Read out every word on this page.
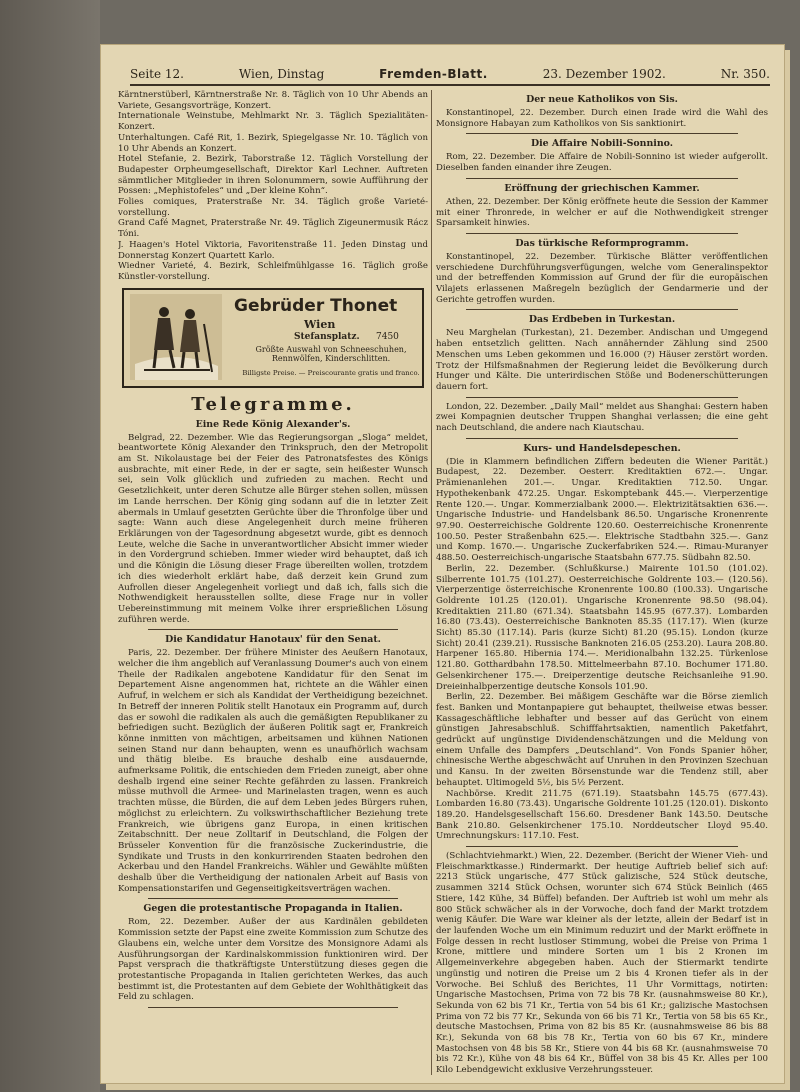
Seite 12.	Wien, Dinstag	Fremden-Blatt.	23. Dezember 1902.	Nr. 350.

Kärntnerstüberl, Kärntnerstraße Nr. 8. Täglich von 10 Uhr Abends an Variete, Gesangsvorträge, Konzert.

Internationale Weinstube, Mehlmarkt Nr. 3. Täglich Spezialitäten-Konzert.

Unterhaltungen. Café Rit, 1. Bezirk, Spiegelgasse Nr. 10. Täglich von 10 Uhr Abends an Konzert.

Hotel Stefanie, 2. Bezirk, Taborstraße 12. Täglich Vorstellung der Budapester Orpheumgesellschaft, Direktor Karl Lechner. Auftreten sämmtlicher Mitglieder in ihren Solonummern, sowie Aufführung der Possen: „Mephistofeles“ und „Der kleine Kohn“.

Folies comiques, Praterstraße Nr. 34. Täglich große Varieté-vorstellung.

Grand Café Magnet, Praterstraße Nr. 49. Täglich Zigeunermusik Rácz Tóni.

J. Haagen's Hotel Viktoria, Favoritenstraße 11. Jeden Dinstag und Donnerstag Konzert Quartett Karlo.

Wiedner Varieté, 4. Bezirk, Schleifmühlgasse 16. Täglich große Künstler-vorstellung.

Gebrüder Thonet
Wien
Stefansplatz. 7450
Größte Auswahl von Schneeschuhen, Rennwölfen, Kinderschlitten.
Billigste Preise. — Preiscourante gratis und franco.
Telegramme.
Eine Rede König Alexander's.

Belgrad, 22. Dezember. Wie das Regierungsorgan „Sloga“ meldet, beantwortete König Alexander den Trinkspruch, den der Metropolit am St. Nikolaustage bei der Feier des Patronatsfestes des Königs ausbrachte, mit einer Rede, in der er sagte, sein heißester Wunsch sei, sein Volk glücklich und zufrieden zu machen. Recht und Gesetzlichkeit, unter deren Schutze alle Bürger stehen sollen, müssen im Lande herrschen. Der König ging sodann auf die in letzter Zeit abermals in Umlauf gesetzten Gerüchte über die Thronfolge über und sagte: Wann auch diese Angelegenheit durch meine früheren Erklärungen von der Tagesordnung abgesetzt wurde, gibt es dennoch Leute, welche die Sache in unverantwortlicher Absicht immer wieder in den Vordergrund schieben. Immer wieder wird behauptet, daß ich und die Königin die Lösung dieser Frage übereilten wollen, trotzdem ich dies wiederholt erklärt habe, daß derzeit kein Grund zum Aufrollen dieser Angelegenheit vorliegt und daß ich, falls sich die Nothwendigkeit herausstellen sollte, diese Frage nur in voller Uebereinstimmung mit meinem Volke ihrer ersprießlichen Lösung zuführen werde.

Die Kandidatur Hanotaux' für den Senat.

Paris, 22. Dezember. Der frühere Minister des Aeußern Hanotaux, welcher die ihm angeblich auf Veranlassung Doumer's auch von einem Theile der Radikalen angebotene Kandidatur für den Senat im Departement Aisne angenommen hat, richtete an die Wähler einen Aufruf, in welchem er sich als Kandidat der Vertheidigung bezeichnet. In Betreff der inneren Politik stellt Hanotaux ein Programm auf, durch das er sowohl die radikalen als auch die gemäßigten Republikaner zu befriedigen sucht. Bezüglich der äußeren Politik sagt er, Frankreich könne inmitten von mächtigen, arbeitsamen und kühnen Nationen seinen Stand nur dann behaupten, wenn es unaufhörlich wachsam und thätig bleibe. Es brauche deshalb eine ausdauernde, aufmerksame Politik, die entschieden dem Frieden zuneigt, aber ohne deshalb irgend eine seiner Rechte gefährden zu lassen. Frankreich müsse muthvoll die Armee- und Marinelasten tragen, wenn es auch trachten müsse, die Bürden, die auf dem Leben jedes Bürgers ruhen, möglichst zu erleichtern. Zu volkswirthschaftlicher Beziehung trete Frankreich, wie übrigens ganz Europa, in einen kritischen Zeitabschnitt. Der neue Zolltarif in Deutschland, die Folgen der Brüsseler Konvention für die französische Zuckerindustrie, die Syndikate und Trusts in den konkurrirenden Staaten bedrohen den Ackerbau und den Handel Frankreichs. Wähler und Gewählte müßten deshalb über die Vertheidigung der nationalen Arbeit auf Basis von Kompensationstarifen und Gegenseitigkeitsverträgen wachen.

Gegen die protestantische Propaganda in Italien.

Rom, 22. Dezember. Außer der aus Kardinälen gebildeten Kommission setzte der Papst eine zweite Kommission zum Schutze des Glaubens ein, welche unter dem Vorsitze des Monsignore Adami als Ausführungsorgan der Kardinalskommission funktioniren wird. Der Papst versprach die thatkräftigste Unterstützung dieses gegen die protestantische Propaganda in Italien gerichteten Werkes, das auch bestimmt ist, die Protestanten auf dem Gebiete der Wohlthätigkeit das Feld zu schlagen.

Der neue Katholikos von Sis.

Konstantinopel, 22. Dezember. Durch einen Irade wird die Wahl des Monsignore Habayan zum Katholikos von Sis sanktionirt.

Die Affaire Nobili-Sonnino.

Rom, 22. Dezember. Die Affaire de Nobili-Sonnino ist wieder aufgerollt. Dieselben fanden einander ihre Zeugen.

Eröffnung der griechischen Kammer.

Athen, 22. Dezember. Der König eröffnete heute die Session der Kammer mit einer Thronrede, in welcher er auf die Nothwendigkeit strenger Sparsamkeit hinwies.

Das türkische Reformprogramm.

Konstantinopel, 22. Dezember. Türkische Blätter veröffentlichen verschiedene Durchführungsverfügungen, welche vom Generalinspektor und der betreffenden Kommission auf Grund der für die europäischen Vilajets erlassenen Maßregeln bezüglich der Gendarmerie und der Gerichte getroffen wurden.

Das Erdbeben in Turkestan.

Neu Marghelan (Turkestan), 21. Dezember. Andischan und Umgegend haben entsetzlich gelitten. Nach annähernder Zählung sind 2500 Menschen ums Leben gekommen und 16.000 (?) Häuser zerstört worden. Trotz der Hilfsmaßnahmen der Regierung leidet die Bevölkerung durch Hunger und Kälte. Die unterirdischen Stöße und Bodenerschütterungen dauern fort.

London, 22. Dezember. „Daily Mail“ meldet aus Shanghai: Gestern haben zwei Kompagnien deutscher Truppen Shanghai verlassen; die eine geht nach Deutschland, die andere nach Kiautschau.

Kurs- und Handelsdepeschen.

(Die in Klammern befindlichen Ziffern bedeuten die Wiener Parität.) Budapest, 22. Dezember. Oesterr. Kreditaktien 672.—. Ungar. Prämienanlehen 201.—. Ungar. Kreditaktien 712.50. Ungar. Hypothekenbank 472.25. Ungar. Eskomptebank 445.—. Vierperzentige Rente 120.—. Ungar. Kommerzialbank 2000.—. Elektrizitätsaktien 636.—. Ungarische Industrie- und Handelsbank 86.50. Ungarische Kronenrente 97.90. Oesterreichische Goldrente 120.60. Oesterreichische Kronenrente 100.50. Pester Straßenbahn 625.—. Elektrische Stadtbahn 325.—. Ganz und Komp. 1670.—. Ungarische Zuckerfabriken 524.—. Rimau-Muranyer 488.50. Oesterreichisch-ungarische Staatsbahn 677.75. Südbahn 82.50.

Berlin, 22. Dezember. (Schlußkurse.) Mairente 101.50 (101.02). Silberrente 101.75 (101.27). Oesterreichische Goldrente 103.— (120.56). Vierperzentige österreichische Kronenrente 100.80 (100.33). Ungarische Goldrente 101.25 (120.01). Ungarische Kronenrente 98.50 (98.04). Kreditaktien 211.80 (671.34). Staatsbahn 145.95 (677.37). Lombarden 16.80 (73.43). Oesterreichische Banknoten 85.35 (117.17). Wien (kurze Sicht) 85.30 (117.14). Paris (kurze Sicht) 81.20 (95.15). London (kurze Sicht) 20.41 (239.21). Russische Banknoten 216.05 (253.20). Laura 208.80. Harpener 165.80. Hibernia 174.—. Meridionalbahn 132.25. Türkenlose 121.80. Gotthardbahn 178.50. Mittelmeerbahn 87.10. Bochumer 171.80. Gelsenkirchener 175.—. Dreiperzentige deutsche Reichsanleihe 91.90. Dreieinhalbperzentige deutsche Konsols 101.90.

Berlin, 22. Dezember. Bei mäßigem Geschäfte war die Börse ziemlich fest. Banken und Montanpapiere gut behauptet, theilweise etwas besser. Kassageschäftliche lebhafter und besser auf das Gerücht von einem günstigen Jahresabschluß. Schifffahrtsaktien, namentlich Paketfahrt, gedrückt auf ungünstige Dividendenschätzungen und die Meldung von einem Unfalle des Dampfers „Deutschland“. Von Fonds Spanier höher, chinesische Werthe abgeschwächt auf Unruhen in den Provinzen Szechuan und Kansu. In der zweiten Börsenstunde war die Tendenz still, aber behauptet. Ultimogeld 5½, bis 5½ Perzent.

Nachbörse. Kredit 211.75 (671.19). Staatsbahn 145.75 (677.43). Lombarden 16.80 (73.43). Ungarische Goldrente 101.25 (120.01). Diskonto 189.20. Handelsgesellschaft 156.60. Dresdener Bank 143.50. Deutsche Bank 210.80. Gelsenkirchener 175.10. Norddeutscher Lloyd 95.40. Umrechnungskurs: 117.10. Fest.

(Schlachtviehmarkt.) Wien, 22. Dezember. (Bericht der Wiener Vieh- und Fleischmarktkasse.) Rindermarkt. Der heutige Auftrieb belief sich auf: 2213 Stück ungarische, 477 Stück galizische, 524 Stück deutsche, zusammen 3214 Stück Ochsen, worunter sich 674 Stück Beinlich (465 Stiere, 142 Kühe, 34 Büffel) befanden. Der Auftrieb ist wohl um mehr als 800 Stück schwächer als in der Vorwoche, doch fand der Markt trotzdem wenig Käufer. Die Ware war kleiner als der letzte, allein der Bedarf ist in der laufenden Woche um ein Minimum reduzirt und der Markt eröffnete in Folge dessen in recht lustloser Stimmung, wobei die Preise von Prima 1 Krone, mittlere und mindere Sorten um 1 bis 2 Kronen im Allgemeinverkehre abgegeben haben. Auch der Stiermarkt tendirte ungünstig und notiren die Preise um 2 bis 4 Kronen tiefer als in der Vorwoche. Bei Schluß des Berichtes, 11 Uhr Vormittags, notirten: Ungarische Mastochsen, Prima von 72 bis 78 Kr. (ausnahmsweise 80 Kr.), Sekunda von 62 bis 71 Kr., Tertia von 54 bis 61 Kr.; galizische Mastochsen Prima von 72 bis 77 Kr., Sekunda von 66 bis 71 Kr., Tertia von 58 bis 65 Kr., deutsche Mastochsen, Prima von 82 bis 85 Kr. (ausnahmsweise 86 bis 88 Kr.), Sekunda von 68 bis 78 Kr., Tertia von 60 bis 67 Kr., mindere Mastochsen von 48 bis 58 Kr., Stiere von 44 bis 68 Kr. (ausnahmsweise 70 bis 72 Kr.), Kühe von 48 bis 64 Kr., Büffel von 38 bis 45 Kr. Alles per 100 Kilo Lebendgewicht exklusive Verzehrungssteuer.
